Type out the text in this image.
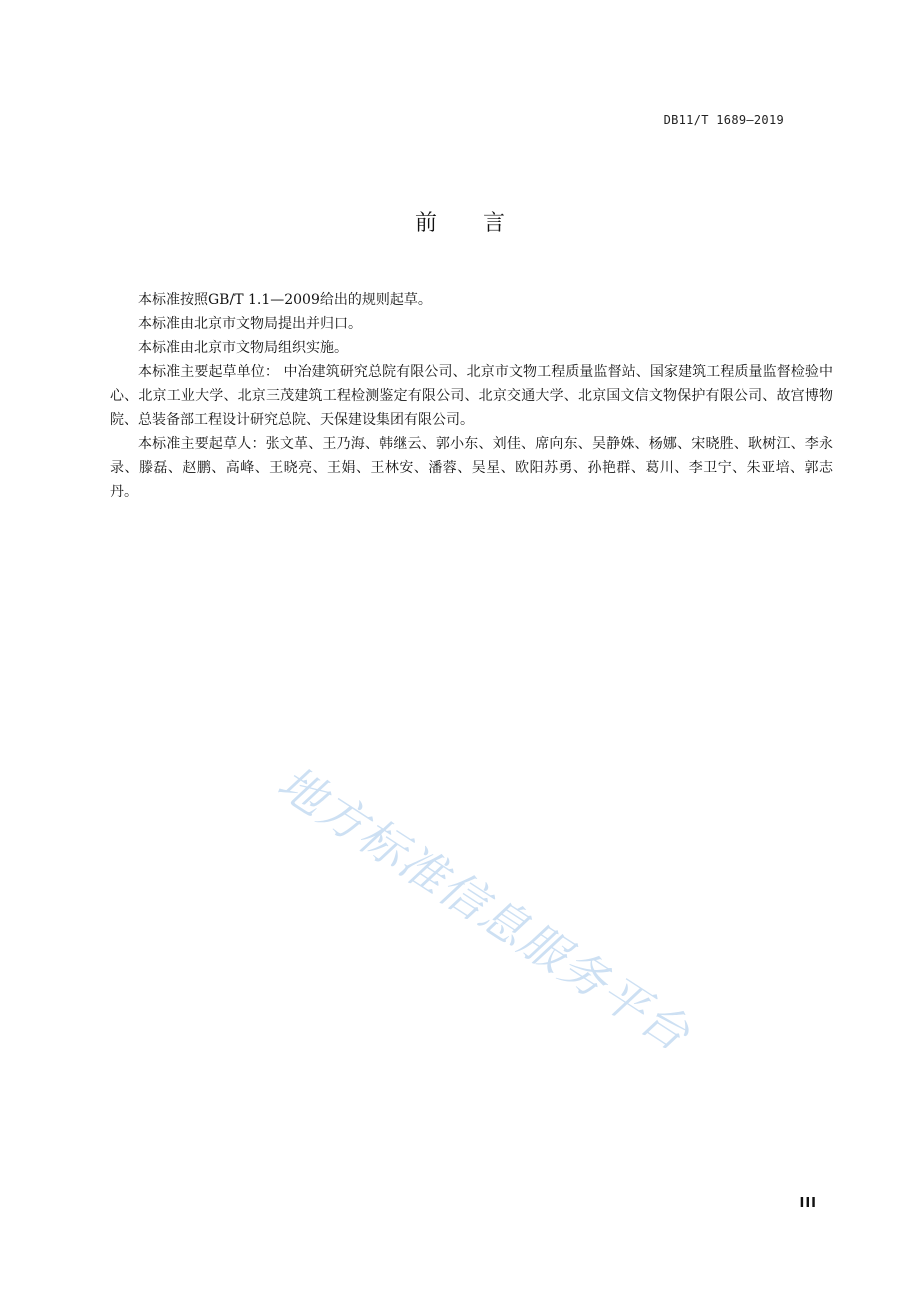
DB11/T 1689—2019
前言

本标准按照GB/T 1.1—2009给出的规则起草。

本标准由北京市文物局提出并归口。

本标准由北京市文物局组织实施。

本标准主要起草单位： 中冶建筑研究总院有限公司、北京市文物工程质量监督站、国家建筑工程质量监督检验中心、北京工业大学、北京三茂建筑工程检测鉴定有限公司、北京交通大学、北京国文信文物保护有限公司、故宫博物院、总装备部工程设计研究总院、天保建设集团有限公司。

本标准主要起草人：张文革、王乃海、韩继云、郭小东、刘佳、席向东、吴静姝、杨娜、宋晓胜、耿树江、李永录、滕磊、赵鹏、高峰、王晓亮、王娟、王林安、潘蓉、吴星、欧阳苏勇、孙艳群、葛川、李卫宁、朱亚培、郭志丹。

地方标准信息服务平台
III
